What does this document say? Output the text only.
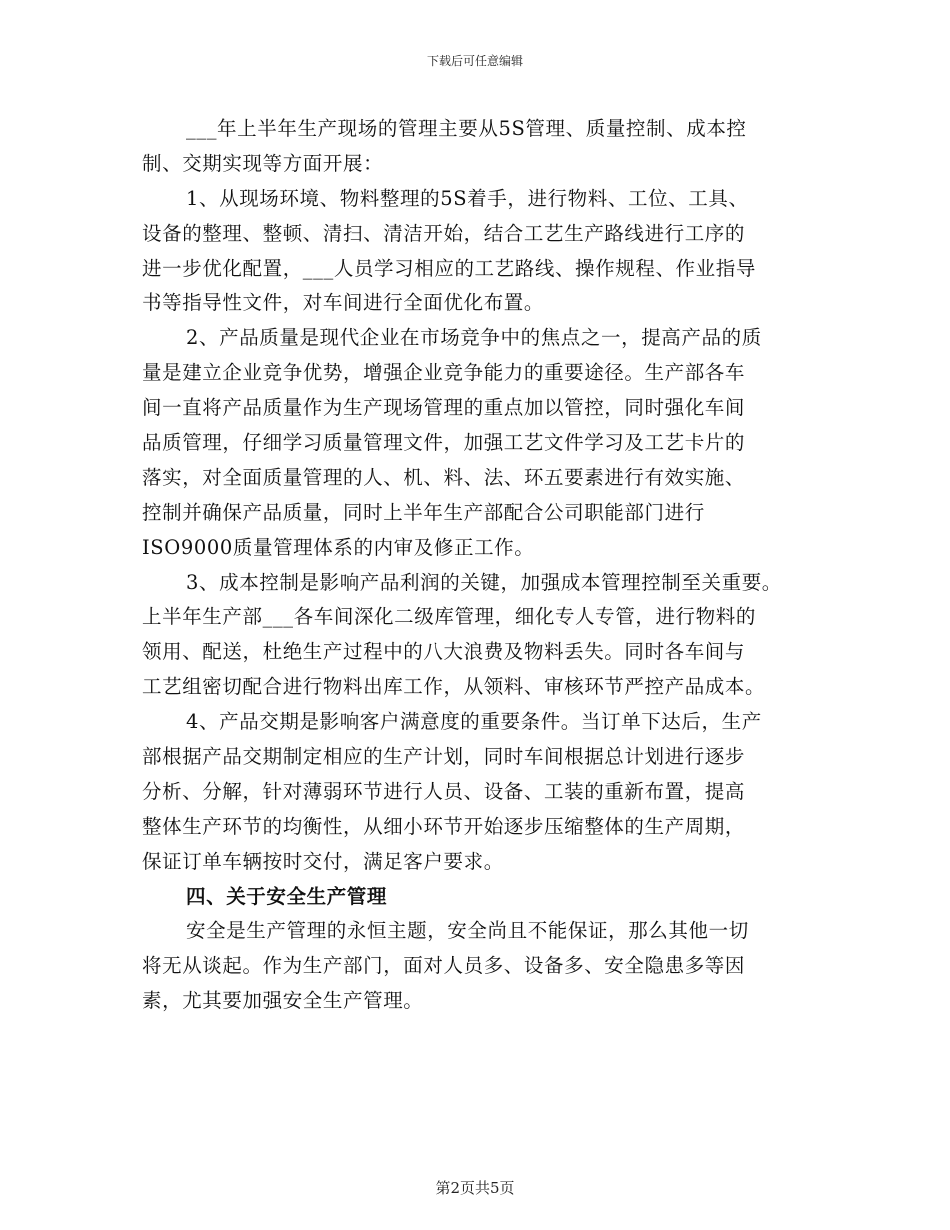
下载后可任意编辑
___年上半年生产现场的管理主要从5S管理、质量控制、成本控
制、交期实现等方面开展：
1、从现场环境、物料整理的5S着手，进行物料、工位、工具、
设备的整理、整顿、清扫、清洁开始，结合工艺生产路线进行工序的
进一步优化配置，___人员学习相应的工艺路线、操作规程、作业指导
书等指导性文件，对车间进行全面优化布置。
2、产品质量是现代企业在市场竞争中的焦点之一，提高产品的质
量是建立企业竞争优势，增强企业竞争能力的重要途径。生产部各车
间一直将产品质量作为生产现场管理的重点加以管控，同时强化车间
品质管理，仔细学习质量管理文件，加强工艺文件学习及工艺卡片的
落实，对全面质量管理的人、机、料、法、环五要素进行有效实施、
控制并确保产品质量，同时上半年生产部配合公司职能部门进行
ISO9000质量管理体系的内审及修正工作。
3、成本控制是影响产品利润的关键，加强成本管理控制至关重要。
上半年生产部___各车间深化二级库管理，细化专人专管，进行物料的
领用、配送，杜绝生产过程中的八大浪费及物料丢失。同时各车间与
工艺组密切配合进行物料出库工作，从领料、审核环节严控产品成本。
4、产品交期是影响客户满意度的重要条件。当订单下达后，生产
部根据产品交期制定相应的生产计划，同时车间根据总计划进行逐步
分析、分解，针对薄弱环节进行人员、设备、工装的重新布置，提高
整体生产环节的均衡性，从细小环节开始逐步压缩整体的生产周期，
保证订单车辆按时交付，满足客户要求。
四、关于安全生产管理
安全是生产管理的永恒主题，安全尚且不能保证，那么其他一切
将无从谈起。作为生产部门，面对人员多、设备多、安全隐患多等因
素，尤其要加强安全生产管理。
第2页共5页
